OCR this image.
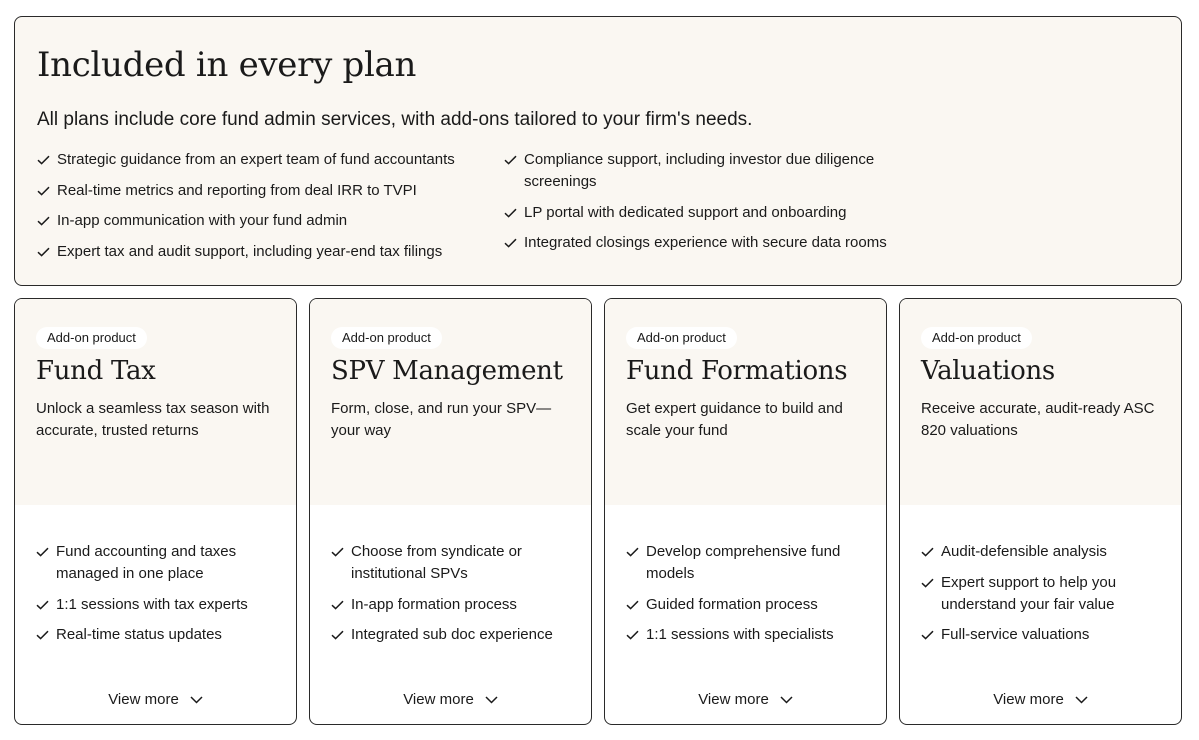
Included in every plan

All plans include core fund admin services, with add-ons tailored to your firm's needs.

Strategic guidance from an expert team of fund accountants
Real-time metrics and reporting from deal IRR to TVPI
In-app communication with your fund admin
Expert tax and audit support, including year-end tax filings
Compliance support, including investor due diligence screenings
LP portal with dedicated support and onboarding
Integrated closings experience with secure data rooms
Add-on product
Fund Tax

Unlock a seamless tax season with accurate, trusted returns

Fund accounting and taxes managed in one place
1:1 sessions with tax experts
Real-time status updates
View more
Add-on product
SPV Management

Form, close, and run your SPV—your way

Choose from syndicate or institutional SPVs
In-app formation process
Integrated sub doc experience
View more
Add-on product
Fund Formations

Get expert guidance to build and scale your fund

Develop comprehensive fund models
Guided formation process
1:1 sessions with specialists
View more
Add-on product
Valuations

Receive accurate, audit-ready ASC 820 valuations

Audit-defensible analysis
Expert support to help you understand your fair value
Full-service valuations
View more
